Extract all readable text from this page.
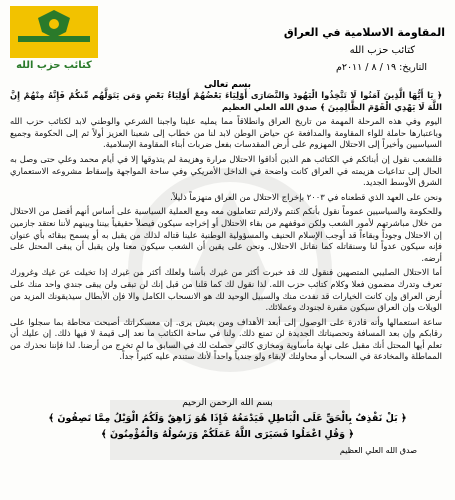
كتائب حزب الله
المقاومة الاسلامية في العراق
كتائب حزب الله
التاريخ: ١٩ / ٨ / ٢٠١١م
بسم تعالى

﴿ يَا أَيُّهَا الَّذِينَ آمَنُوا لَا تَتَّخِذُوا الْيَهُودَ وَالنَّصَارَى أَوْلِيَاءَ بَعْضُهُمْ أَوْلِيَاءُ بَعْضٍ وَمَن يَتَوَلَّهُم مِّنكُمْ فَإِنَّهُ مِنْهُمْ إِنَّ اللَّهَ لَا يَهْدِي الْقَوْمَ الظَّالِمِينَ ﴾ صدق الله العلي العظيم

اليوم وفي هذه المرحلة المهمة من تاريخ العراق وانطلاقاً مما يمليه علينا واجبنا الشرعي والوطني لابد لكتائب حزب الله وباعتبارها حاملة للواء المقاومة والمدافعة عن حياض الوطن لابد لنا من خطاب إلى شعبنا العزيز أولاً ثم إلى الحكومة وجميع السياسيين وأخيراً إلى الاحتلال المهزوم على أرض المقدسات بفعل ضربات أبناء المقاومة الإسلامية.

فللشعب نقول إن أبنائكم في الكتائب هم الذين أذاقوا الاحتلال مرارة وهزيمة لم يتذوقها إلا في أيام محمد وعلي حتى وصل به الحال إلى تداعيات هزيمته في العراق كانت واضحة في الداخل الأمريكي وفي ساحة المواجهة وإسقاط مشروعه الاستعماري الشرق الأوسط الجديد.

ونحن على العهد الذي قطعناه في ٢٠٠٣ بإخراج الاحتلال من العراق منهزماً ذليلاً.

وللحكومة والسياسيين عموماً نقول بأنكم كنتم ولازلتم تتعاملون معه ومع العملية السياسية على أساس أنهم أفضل من الاحتلال من خلال مباشرتهم لأمور الشعب ولكن موقفهم من بقاء الاحتلال أو إخراجه سيكون فيصلاً حقيقياً بيننا وبينهم لأننا نعتقد جازمين إن الاحتلال وجوداً وبقاءاً قد أوجب الإسلام الحنيف والمسؤولية الوطنية علينا قتاله لذلك من يقبل به أو يسمح ببقائه بأي عنوان فإنه سيكون عدواً لنا وسنقاتله كما نقاتل الاحتلال. ونحن على يقين أن الشعب سيكون معنا ولن يقبل أن يبقى المحتل على أرضه.

أما الاحتلال الصليبي المتصهين فنقول لك قد خبرت أكثر من غيرك بأسنا ولعلك أكثر من غيرك إذا تخيلت عن غيك وغرورك تعرف وتدرك مضمون فعلا وكلام كتائب حزب الله. لذا نقول لك كما قلنا من قبل إنك لن تبقى ولن يبقى جندي واحد منك على أرض العراق وإن كانت الخيارات قد نفدت منك والسبيل الوحيد لك هو الانسحاب الكامل والا فإن الأبطال سيذيقونك المزيد من الويلات وإن العراق سيكون مقبرة لجنودك وعملائك.

ساعة استعمالها وأنه قادرة على الوصول إلى أبعد الأهداف ومن يعيش يرى. إن معسكراتك أصبحت محاطة بما سجلوا على رقابكم وإن بعد المسافة وتحصيناتك الجديدة لن تمنع ذلك. ولنا في ساحة الكتائب ما نعد إلى قيمة لا فيها ذلك. إن عليك أن تعلم أيها المحتل أنك مقبل على نهاية مأساوية ومخازي كالتي حصلت لك في السابق ما لم تخرج من أرضنا. لذا فإننا نحذرك من المماطلة والمخادعة في السحاب أو محاولتك لإبقاء ولو جندياً واحداً لأنك ستندم عليه كثيراً جداً.

بسم الله الرحمن الرحيم
﴿ بَلْ نَقْذِفُ بِالْحَقِّ عَلَى الْبَاطِلِ فَيَدْمَغُهُ فَإِذَا هُوَ زَاهِقٌ وَلَكُمُ الْوَيْلُ مِمَّا تَصِفُونَ ﴾
﴿ وَقُلِ اعْمَلُوا فَسَيَرَى اللَّهُ عَمَلَكُمْ وَرَسُولُهُ وَالْمُؤْمِنُونَ ﴾
صدق الله العلي العظيم
